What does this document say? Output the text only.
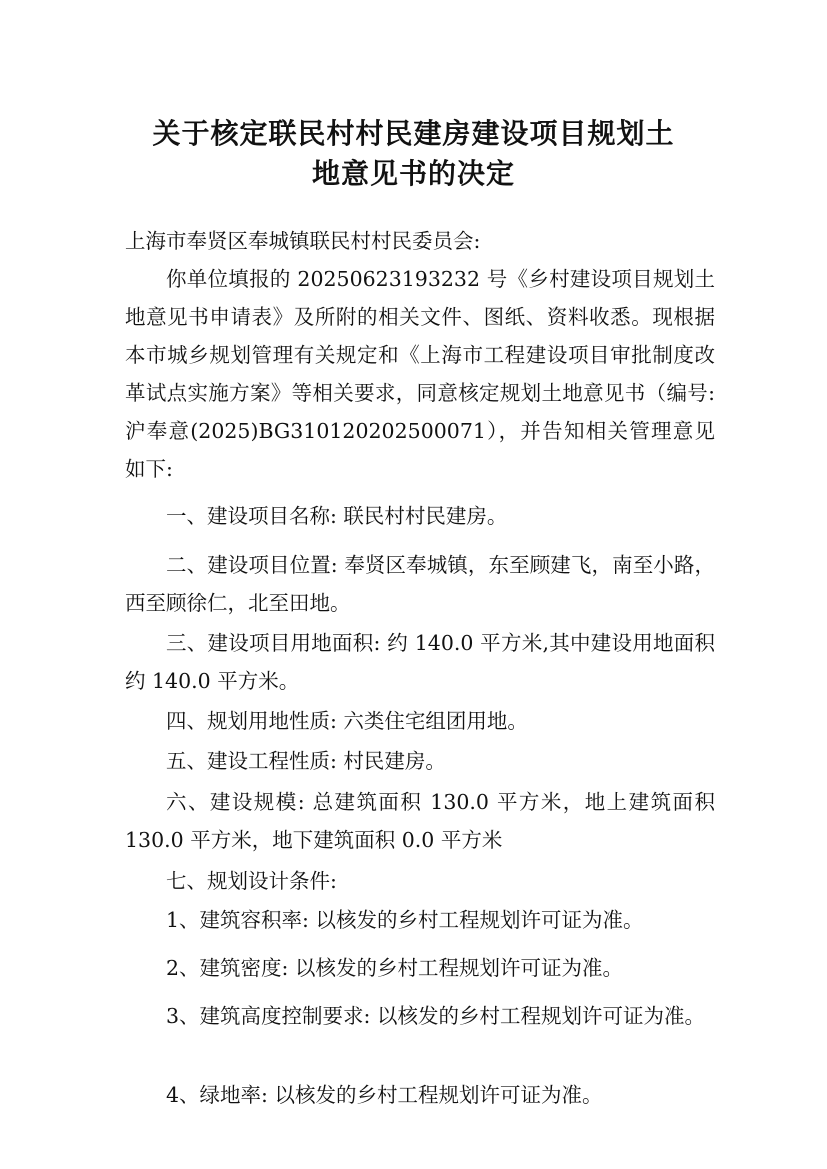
关于核定联民村村民建房建设项目规划土
地意见书的决定

上海市奉贤区奉城镇联民村村民委员会:

你单位填报的 20250623193232 号《乡村建设项目规划土地意见书申请表》及所附的相关文件、图纸、资料收悉。现根据本市城乡规划管理有关规定和《上海市工程建设项目审批制度改革试点实施方案》等相关要求，同意核定规划土地意见书（编号: 沪奉意(2025)BG310120202500071），并告知相关管理意见如下:

一、建设项目名称: 联民村村民建房。

二、建设项目位置: 奉贤区奉城镇，东至顾建飞，南至小路，西至顾徐仁，北至田地。

三、建设项目用地面积: 约 140.0 平方米,其中建设用地面积约 140.0 平方米。

四、规划用地性质: 六类住宅组团用地。
五、建设工程性质: 村民建房。

六、建设规模: 总建筑面积 130.0 平方米，地上建筑面积 130.0 平方米，地下建筑面积 0.0 平方米

七、规划设计条件:
1、建筑容积率: 以核发的乡村工程规划许可证为准。
2、建筑密度: 以核发的乡村工程规划许可证为准。

3、建筑高度控制要求: 以核发的乡村工程规划许可证为准。

4、绿地率: 以核发的乡村工程规划许可证为准。
